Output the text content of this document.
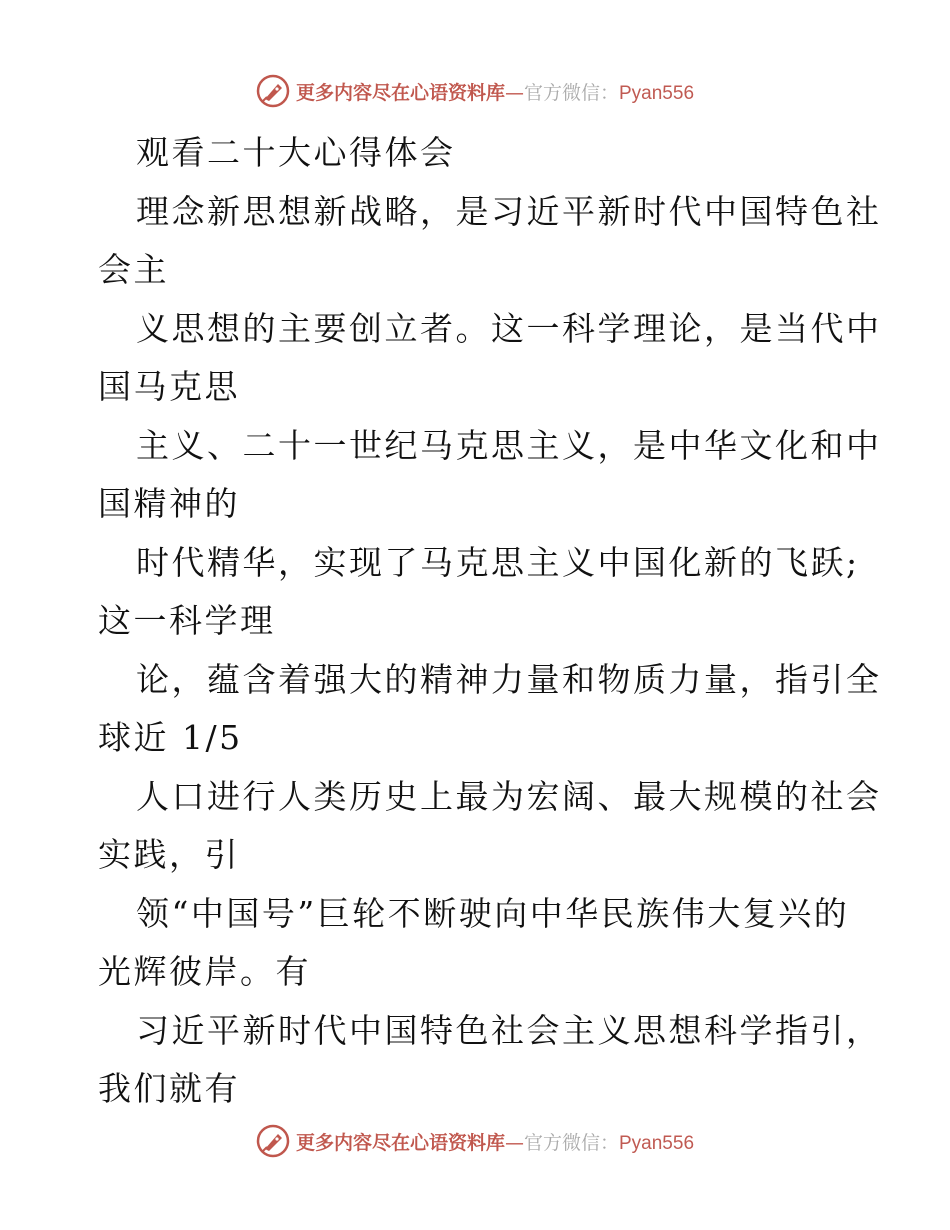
更多内容尽在心语资料库—官方微信：Pyan556
观看二十大心得体会
理念新思想新战略，是习近平新时代中国特色社
会主
义思想的主要创立者。这一科学理论，是当代中
国马克思
主义、二十一世纪马克思主义，是中华文化和中
国精神的
时代精华，实现了马克思主义中国化新的飞跃;
这一科学理
论，蕴含着强大的精神力量和物质力量，指引全
球近 1/5
人口进行人类历史上最为宏阔、最大规模的社会
实践，引
领“中国号”巨轮不断驶向中华民族伟大复兴的
光辉彼岸。有
习近平新时代中国特色社会主义思想科学指引，
我们就有
更多内容尽在心语资料库—官方微信：Pyan556
